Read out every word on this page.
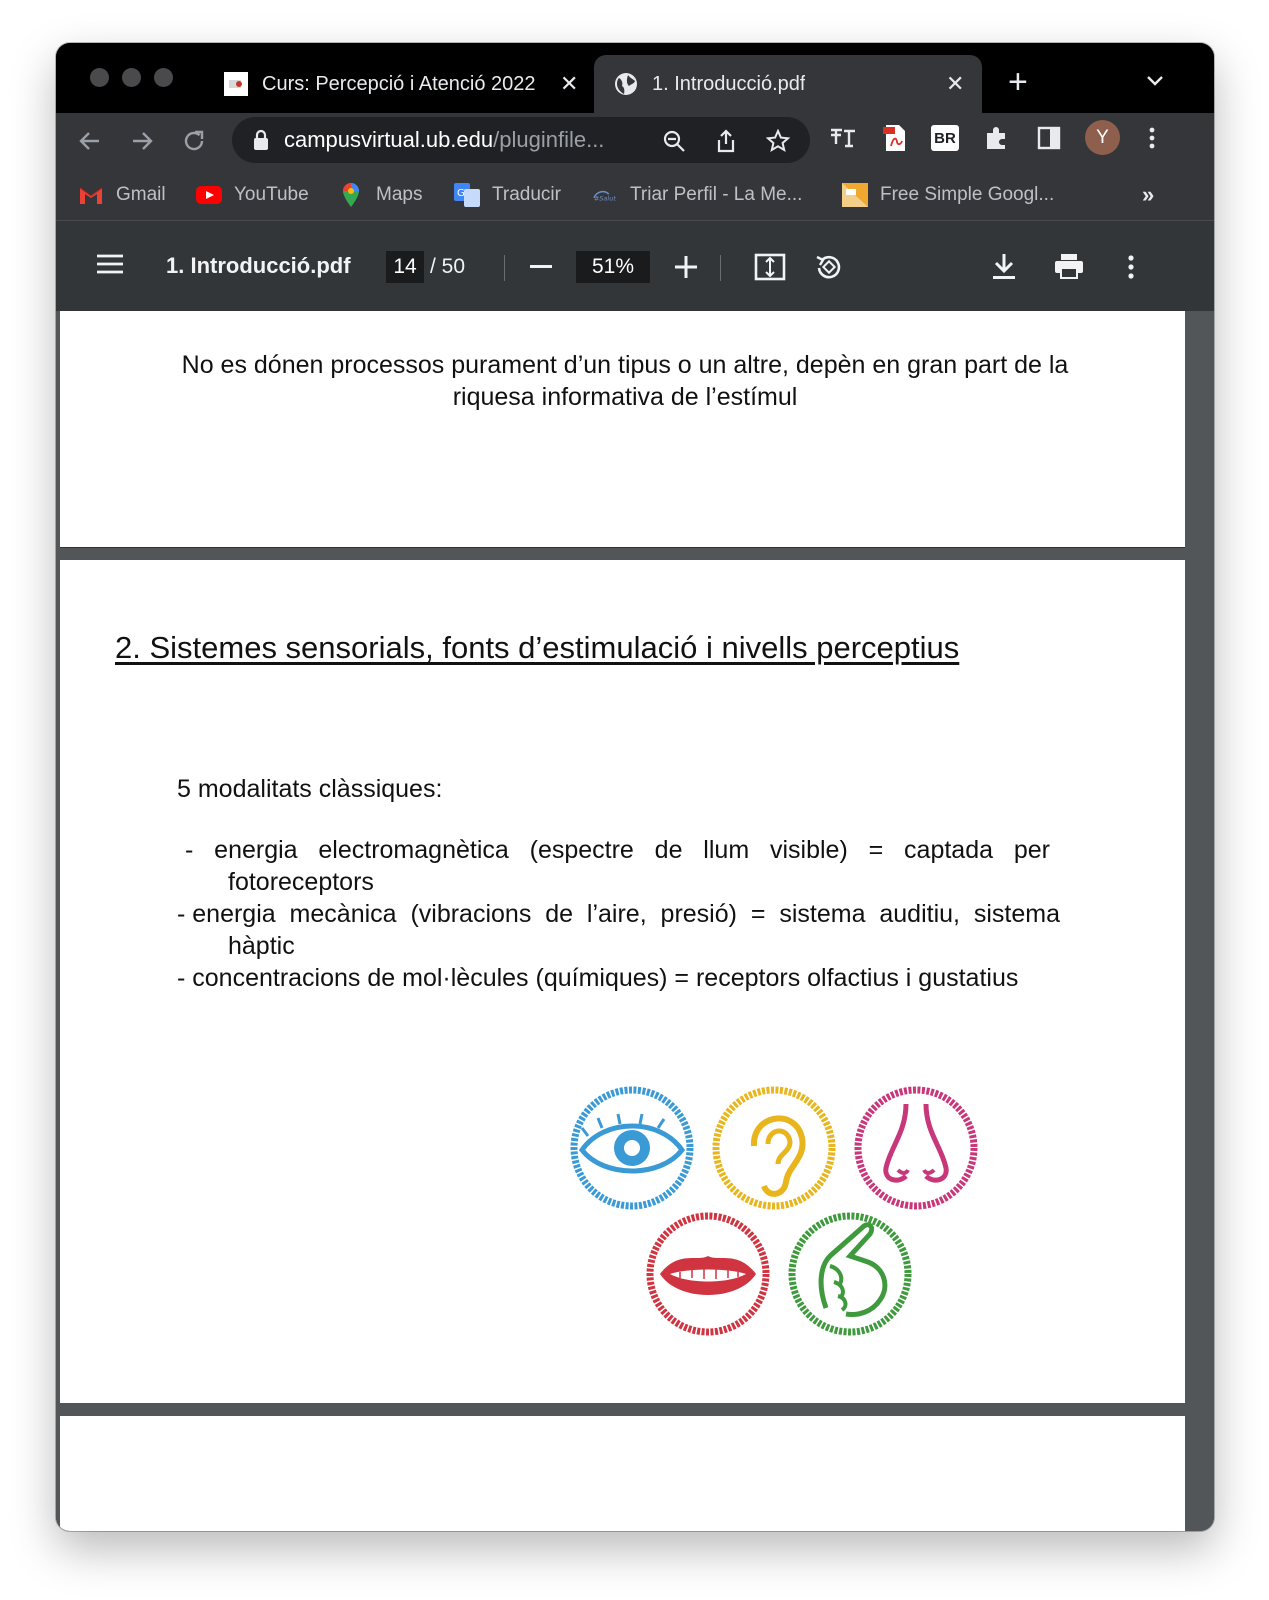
Curs: Percepció i Atenció 2022	✕	1. Introducció.pdf	✕ +
campusvirtual.ub.edu/pluginfile...	BR	Y
Gmail	YouTube	Maps	G Traducir	#Salut Triar Perfil - La Me...	Free Simple Googl...	»
1. Introducció.pdf	14 / 50	51%
No es dónen processos purament d’un tipus o un altre, depèn en gran part de la riquesa informativa de l’estímul
2. Sistemes sensorials, fonts d’estimulació i nivells perceptius
5 modalitats clàssiques:
-   energia   electromagnètica   (espectre   de   llum   visible)   =   captada   per
fotoreceptors
- energia  mecànica  (vibracions  de  l’aire,  presió)  =  sistema  auditiu,  sistema
hàptic
- concentracions de mol·lècules (químiques) = receptors olfactius i gustatius
